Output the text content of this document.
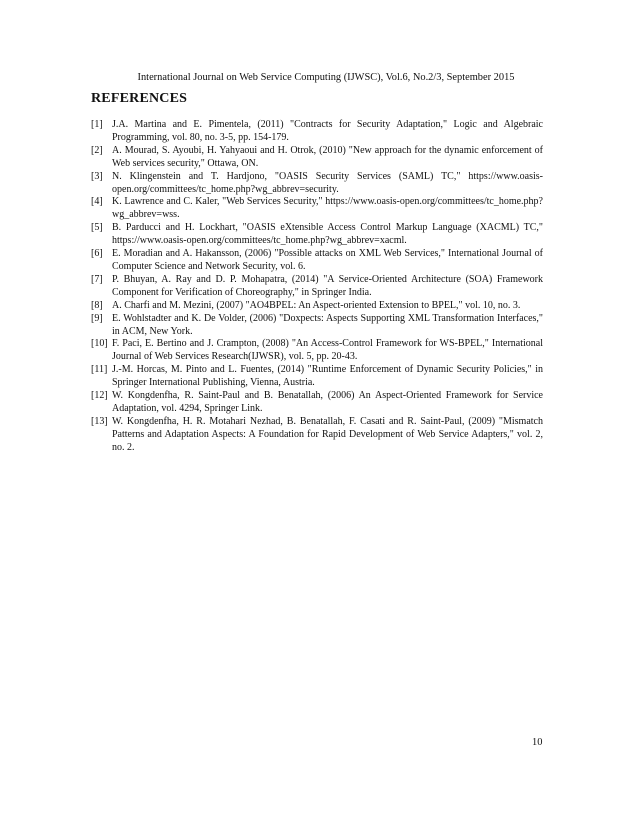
International Journal on Web Service Computing (IJWSC), Vol.6, No.2/3, September 2015
REFERENCES
[1] J.A. Martina and E. Pimentela, (2011) "Contracts for Security Adaptation," Logic and Algebraic Programming, vol. 80, no. 3-5, pp. 154-179.
[2] A. Mourad, S. Ayoubi, H. Yahyaoui and H. Otrok, (2010) "New approach for the dynamic enforcement of Web services security," Ottawa, ON.
[3] N. Klingenstein and T. Hardjono, "OASIS Security Services (SAML) TC," https://www.oasis-open.org/committees/tc_home.php?wg_abbrev=security.
[4] K. Lawrence and C. Kaler, "Web Services Security," https://www.oasis-open.org/committees/tc_home.php?wg_abbrev=wss.
[5] B. Parducci and H. Lockhart, "OASIS eXtensible Access Control Markup Language (XACML) TC," https://www.oasis-open.org/committees/tc_home.php?wg_abbrev=xacml.
[6] E. Moradian and A. Hakansson, (2006) "Possible attacks on XML Web Services," International Journal of Computer Science and Network Security, vol. 6.
[7] P. Bhuyan, A. Ray and D. P. Mohapatra, (2014) "A Service-Oriented Architecture (SOA) Framework Component for Verification of Choreography," in Springer India.
[8] A. Charfi and M. Mezini, (2007) "AO4BPEL: An Aspect-oriented Extension to BPEL," vol. 10, no. 3.
[9] E. Wohlstadter and K. De Volder, (2006) "Doxpects: Aspects Supporting XML Transformation Interfaces," in ACM, New York.
[10] F. Paci, E. Bertino and J. Crampton, (2008) "An Access-Control Framework for WS-BPEL," International Journal of Web Services Research(IJWSR), vol. 5, pp. 20-43.
[11] J.-M. Horcas, M. Pinto and L. Fuentes, (2014) "Runtime Enforcement of Dynamic Security Policies," in Springer International Publishing, Vienna, Austria.
[12] W. Kongdenfha, R. Saint-Paul and B. Benatallah, (2006) An Aspect-Oriented Framework for Service Adaptation, vol. 4294, Springer Link.
[13] W. Kongdenfha, H. R. Motahari Nezhad, B. Benatallah, F. Casati and R. Saint-Paul, (2009) "Mismatch Patterns and Adaptation Aspects: A Foundation for Rapid Development of Web Service Adapters," vol. 2, no. 2.
10
